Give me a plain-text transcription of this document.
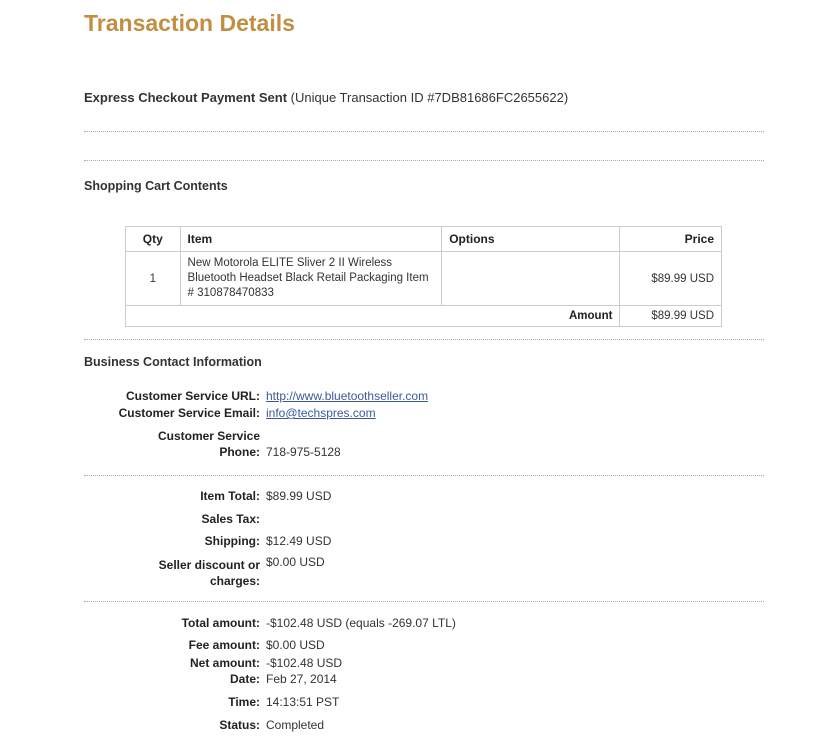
Transaction Details
Express Checkout Payment Sent (Unique Transaction ID #7DB81686FC2655622)
Shopping Cart Contents
Qty	Item	Options	Price
1	New Motorola ELITE Sliver 2 II Wireless Bluetooth Headset Black Retail Packaging Item # 310878470833		$89.99 USD
Amount			$89.99 USD
Business Contact Information
Customer Service URL: http://www.bluetoothseller.com
Customer Service Email: info@techspres.com
Customer Service
Phone: 718-975-5128
Item Total: $89.99 USD
Sales Tax:
Shipping: $12.49 USD
Seller discount or
charges:
$0.00 USD
Total amount: -$102.48 USD (equals -269.07 LTL)
Fee amount: $0.00 USD
Net amount: -$102.48 USD
Date: Feb 27, 2014
Time: 14:13:51 PST
Status: Completed
